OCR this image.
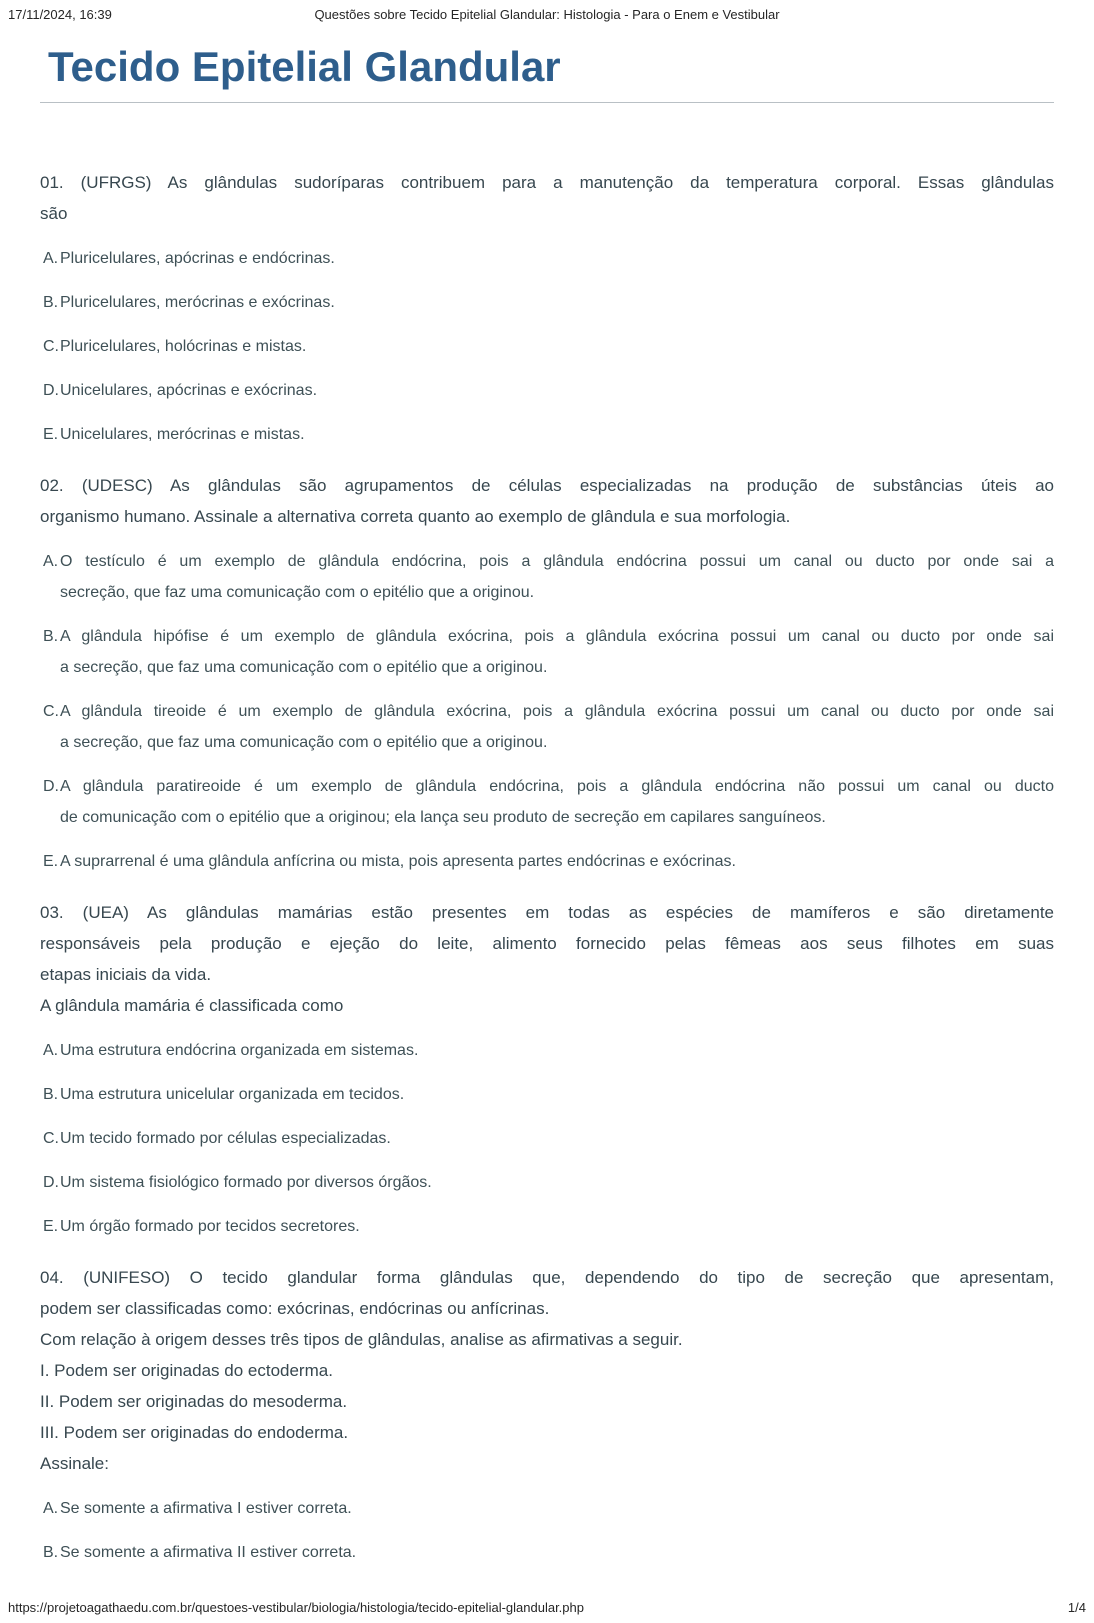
17/11/2024, 16:39	Questões sobre Tecido Epitelial Glandular: Histologia - Para o Enem e Vestibular
Tecido Epitelial Glandular
01. (UFRGS) As glândulas sudoríparas contribuem para a manutenção da temperatura corporal. Essas glândulas
são
A. Pluricelulares, apócrinas e endócrinas.
B. Pluricelulares, merócrinas e exócrinas.
C. Pluricelulares, holócrinas e mistas.
D. Unicelulares, apócrinas e exócrinas.
E. Unicelulares, merócrinas e mistas.
02. (UDESC) As glândulas são agrupamentos de células especializadas na produção de substâncias úteis ao
organismo humano. Assinale a alternativa correta quanto ao exemplo de glândula e sua morfologia.
A. O testículo é um exemplo de glândula endócrina, pois a glândula endócrina possui um canal ou ducto por onde sai a
secreção, que faz uma comunicação com o epitélio que a originou.
B. A glândula hipófise é um exemplo de glândula exócrina, pois a glândula exócrina possui um canal ou ducto por onde sai
a secreção, que faz uma comunicação com o epitélio que a originou.
C. A glândula tireoide é um exemplo de glândula exócrina, pois a glândula exócrina possui um canal ou ducto por onde sai
a secreção, que faz uma comunicação com o epitélio que a originou.
D. A glândula paratireoide é um exemplo de glândula endócrina, pois a glândula endócrina não possui um canal ou ducto
de comunicação com o epitélio que a originou; ela lança seu produto de secreção em capilares sanguíneos.
E. A suprarrenal é uma glândula anfícrina ou mista, pois apresenta partes endócrinas e exócrinas.
03. (UEA) As glândulas mamárias estão presentes em todas as espécies de mamíferos e são diretamente
responsáveis pela produção e ejeção do leite, alimento fornecido pelas fêmeas aos seus filhotes em suas
etapas iniciais da vida.
A glândula mamária é classificada como
A. Uma estrutura endócrina organizada em sistemas.
B. Uma estrutura unicelular organizada em tecidos.
C. Um tecido formado por células especializadas.
D. Um sistema fisiológico formado por diversos órgãos.
E. Um órgão formado por tecidos secretores.
04. (UNIFESO) O tecido glandular forma glândulas que, dependendo do tipo de secreção que apresentam,
podem ser classificadas como: exócrinas, endócrinas ou anfícrinas.
Com relação à origem desses três tipos de glândulas, analise as afirmativas a seguir.
I. Podem ser originadas do ectoderma.
II. Podem ser originadas do mesoderma.
III. Podem ser originadas do endoderma.
Assinale:
A. Se somente a afirmativa I estiver correta.
B. Se somente a afirmativa II estiver correta.
https://projetoagathaedu.com.br/questoes-vestibular/biologia/histologia/tecido-epitelial-glandular.php	1/4
